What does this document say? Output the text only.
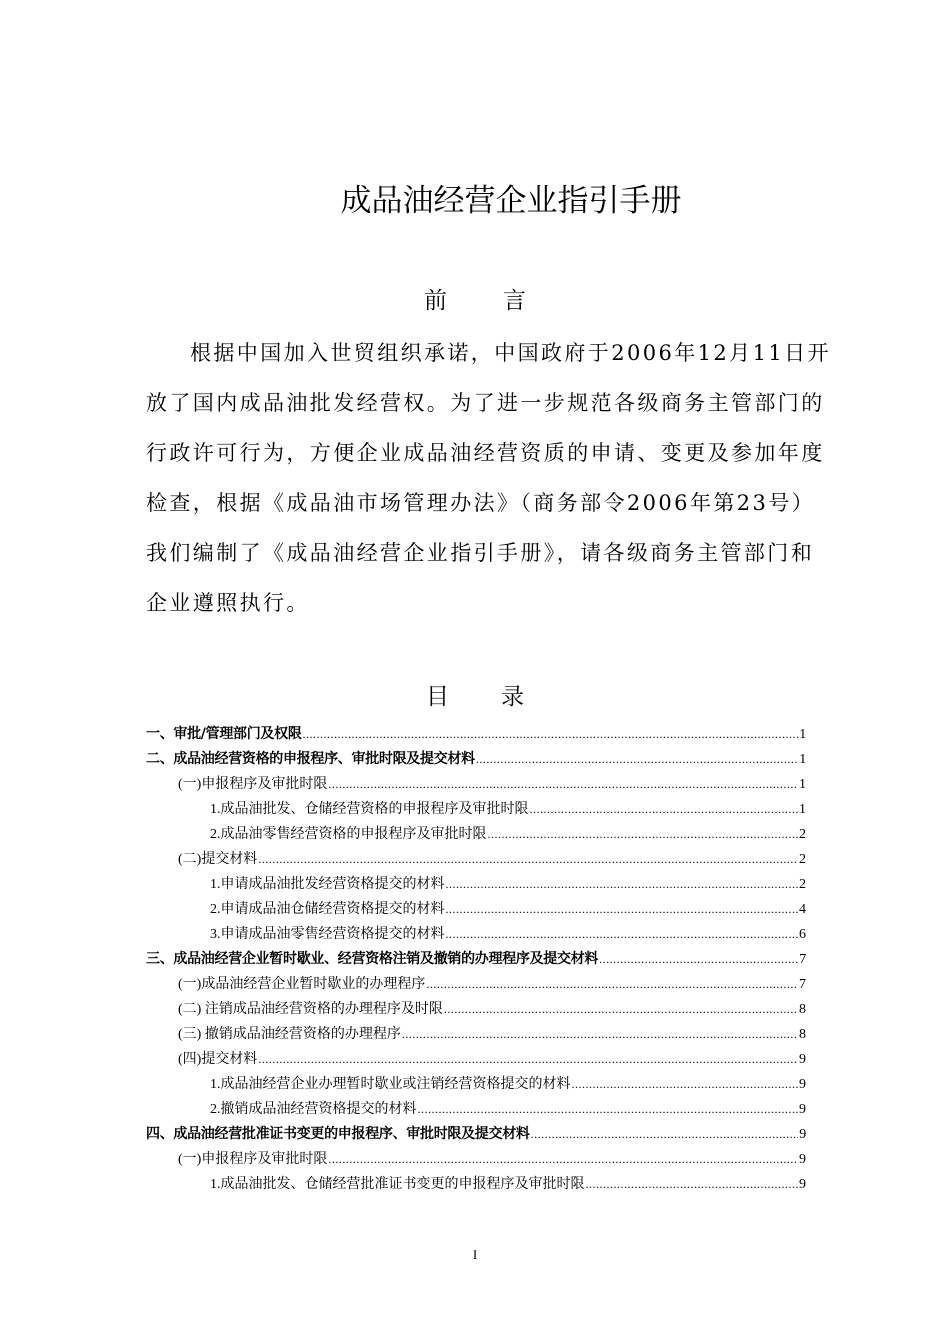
成品油经营企业指引手册
前 言
根据中国加入世贸组织承诺，中国政府于2006年12月11日开
放了国内成品油批发经营权。为了进一步规范各级商务主管部门的
行政许可行为，方便企业成品油经营资质的申请、变更及参加年度
检查，根据《成品油市场管理办法》（商务部令2006年第23号）
我们编制了《成品油经营企业指引手册》，请各级商务主管部门和
企业遵照执行。
目 录
一、审批/管理部门及权限 .....	1
二、成品油经营资格的申报程序、审批时限及提交材料 .....	1
(一)申报程序及审批时限 .....	1
1.成品油批发、仓储经营资格的申报程序及审批时限 .....	1
2.成品油零售经营资格的申报程序及审批时限 .....	2
(二)提交材料 .....	2
1.申请成品油批发经营资格提交的材料 .....	2
2.申请成品油仓储经营资格提交的材料 .....	4
3.申请成品油零售经营资格提交的材料 .....	6
三、成品油经营企业暂时歇业、经营资格注销及撤销的办理程序及提交材料 .....	7
(一)成品油经营企业暂时歇业的办理程序 .....	7
(二) 注销成品油经营资格的办理程序及时限 .....	8
(三) 撤销成品油经营资格的办理程序 .....	8
(四)提交材料 .....	9
1.成品油经营企业办理暂时歇业或注销经营资格提交的材料 .....	9
2.撤销成品油经营资格提交的材料 .....	9
四、成品油经营批准证书变更的申报程序、审批时限及提交材料 .....	9
(一)申报程序及审批时限 .....	9
1.成品油批发、仓储经营批准证书变更的申报程序及审批时限 .....	9
I
